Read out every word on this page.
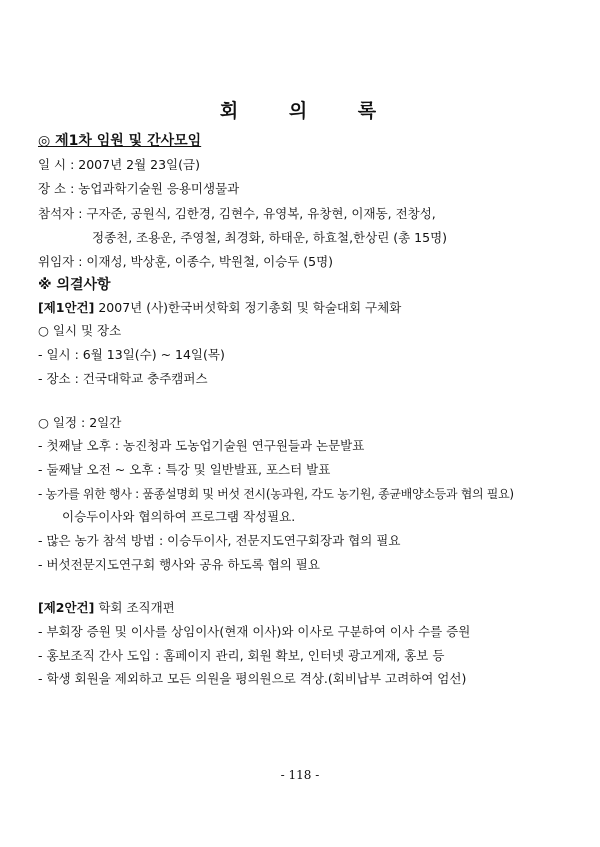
회 의 록
◎ 제1차 임원 및 간사모임
일 시 : 2007년 2월 23일(금)
장 소 : 농업과학기술원 응용미생물과
참석자 : 구자준, 공원식, 김한경, 김현수, 유영복, 유창현, 이재동, 전창성,
정종천, 조용운, 주영철, 최경화, 하태운, 하효철,한상린 (총 15명)
위임자 : 이재성, 박상훈, 이종수, 박원철, 이승두 (5명)
※ 의결사항
[제1안건] 2007년 (사)한국버섯학회 정기총회 및 학술대회 구체화
○ 일시 및 장소
- 일시 : 6월 13일(수) ~ 14일(목)
- 장소 : 건국대학교 충주캠퍼스
○ 일정 : 2일간
- 첫째날 오후 : 농진청과 도농업기술원 연구원들과 논문발표
- 둘째날 오전 ~ 오후 : 특강 및 일반발표, 포스터 발표
- 농가를 위한 행사 : 품종설명회 및 버섯 전시(농과원, 각도 농기원, 종균배양소등과 협의 필요)
이승두이사와 협의하여 프로그램 작성필요.
- 많은 농가 참석 방법 : 이승두이사, 전문지도연구회장과 협의 필요
- 버섯전문지도연구회 행사와 공유 하도록 협의 필요
[제2안건] 학회 조직개편
- 부회장 증원 및 이사를 상임이사(현재 이사)와 이사로 구분하여 이사 수를 증원
- 홍보조직 간사 도입 : 홈페이지 관리, 회원 확보, 인터넷 광고게재, 홍보 등
- 학생 회원을 제외하고 모든 의원을 평의원으로 격상.(회비납부 고려하여 엄선)
- 118 -
